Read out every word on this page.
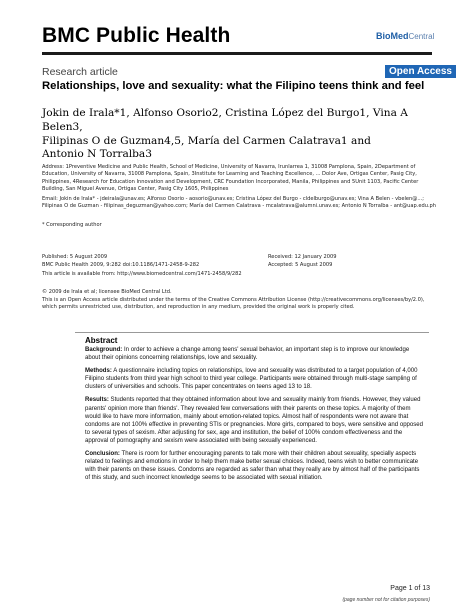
BMC Public Health	BioMedCentral
Research article	Open Access
Relationships, love and sexuality: what the Filipino teens think and feel
Jokin de Irala*1, Alfonso Osorio2, Cristina López del Burgo1, Vina A Belen3,
Filipinas O de Guzman4,5, María del Carmen Calatrava1 and
Antonio N Torralba3
Address: 1Preventive Medicine and Public Health, School of Medicine, University of Navarra, Irunlarrea 1, 31008 Pamplona, Spain, 2Department of Education, University of Navarra, 31008 Pamplona, Spain, 3Institute for Learning and Teaching Excellence, ... Dolor Ave, Ortigas Center, Pasig City, Philippines, 4Research for Education Innovation and Development, CRC Foundation Incorporated, Manila, Philippines and 5Unit 1103, Pacific Center Building, San Miguel Avenue, Ortigas Center, Pasig City 1605, Philippines
Email: Jokin de Irala* - jdeirala@unav.es; Alfonso Osorio - aosorio@unav.es; Cristina López del Burgo - cldelburgo@unav.es; Vina A Belen - vbelen@...; Filipinas O de Guzman - filipinas_deguzman@yahoo.com; María del Carmen Calatrava - mcalatrava@alumni.unav.es; Antonio N Torralba - ant@uap.edu.ph
* Corresponding author
Published: 5 August 2009
BMC Public Health 2009, 9:282 doi:10.1186/1471-2458-9-282
Received: 12 January 2009
Accepted: 5 August 2009
This article is available from: http://www.biomedcentral.com/1471-2458/9/282
© 2009 de Irala et al; licensee BioMed Central Ltd.
This is an Open Access article distributed under the terms of the Creative Commons Attribution License (http://creativecommons.org/licenses/by/2.0), which permits unrestricted use, distribution, and reproduction in any medium, provided the original work is properly cited.
Abstract

Background: In order to achieve a change among teens' sexual behavior, an important step is to improve our knowledge about their opinions concerning relationships, love and sexuality.

Methods: A questionnaire including topics on relationships, love and sexuality was distributed to a target population of 4,000 Filipino students from third year high school to third year college. Participants were obtained through multi-stage sampling of clusters of universities and schools. This paper concentrates on teens aged 13 to 18.

Results: Students reported that they obtained information about love and sexuality mainly from friends. However, they valued parents' opinion more than friends'. They revealed few conversations with their parents on these topics. A majority of them would like to have more information, mainly about emotion-related topics. Almost half of respondents were not aware that condoms are not 100% effective in preventing STIs or pregnancies. More girls, compared to boys, were sensitive and opposed to several types of sexism. After adjusting for sex, age and institution, the belief of 100% condom effectiveness and the approval of pornography and sexism were associated with being sexually experienced.

Conclusion: There is room for further encouraging parents to talk more with their children about sexuality, specially aspects related to feelings and emotions in order to help them make better sexual choices. Indeed, teens wish to better communicate with their parents on these issues. Condoms are regarded as safer than what they really are by almost half of the participants of this study, and such incorrect knowledge seems to be associated with sexual initiation.

Page 1 of 13
(page number not for citation purposes)
